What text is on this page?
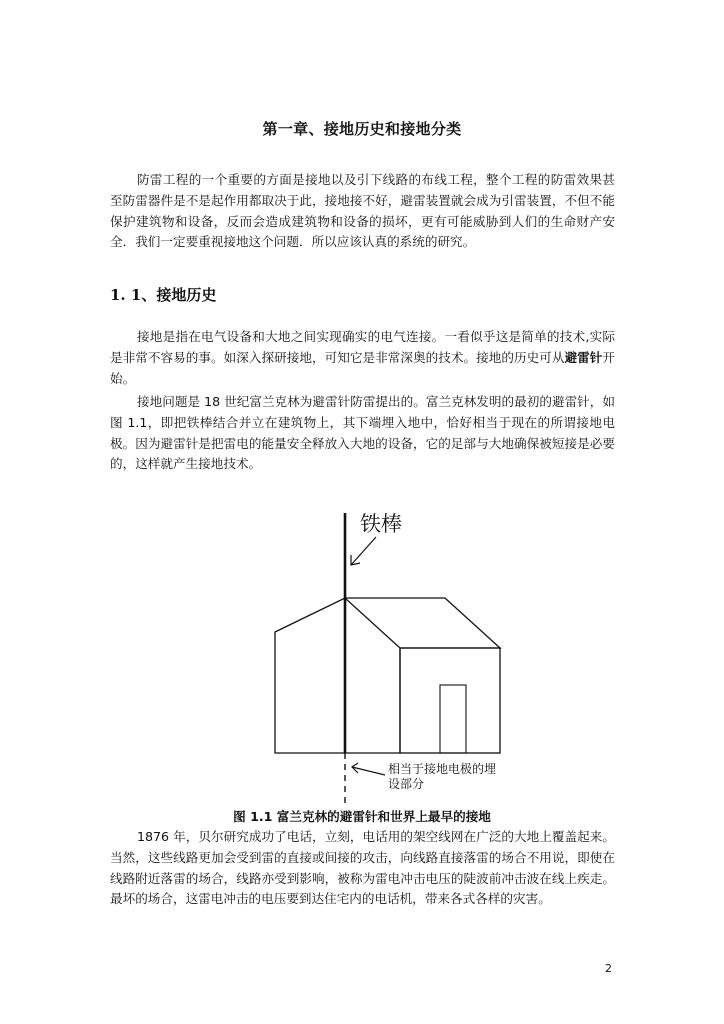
第一章、接地历史和接地分类

防雷工程的一个重要的方面是接地以及引下线路的布线工程，整个工程的防雷效果甚至防雷器件是不是起作用都取决于此，接地接不好，避雷装置就会成为引雷装置，不但不能保护建筑物和设备，反而会造成建筑物和设备的损坏，更有可能威胁到人们的生命财产安全．我们一定要重视接地这个问题．所以应该认真的系统的研究。

1. 1、接地历史

接地是指在电气设备和大地之间实现确实的电气连接。一看似乎这是简单的技术,实际是非常不容易的事。如深入探研接地，可知它是非常深奥的技术。接地的历史可从避雷针开始。

接地问题是 18 世纪富兰克林为避雷针防雷提出的。富兰克林发明的最初的避雷针，如图 1.1，即把铁棒结合并立在建筑物上，其下端埋入地中，恰好相当于现在的所谓接地电极。因为避雷针是把雷电的能量安全释放入大地的设备，它的足部与大地确保被短接是必要的，这样就产生接地技术。

铁棒
相当于接地电极的埋
设部分
图 1.1 富兰克林的避雷针和世界上最早的接地

1876 年，贝尔研究成功了电话，立刻，电话用的架空线网在广泛的大地上覆盖起来。当然，这些线路更加会受到雷的直接或间接的攻击，向线路直接落雷的场合不用说，即使在线路附近落雷的场合，线路亦受到影响，被称为雷电冲击电压的陡波前冲击波在线上疾走。最坏的场合，这雷电冲击的电压要到达住宅内的电话机，带来各式各样的灾害。

2
